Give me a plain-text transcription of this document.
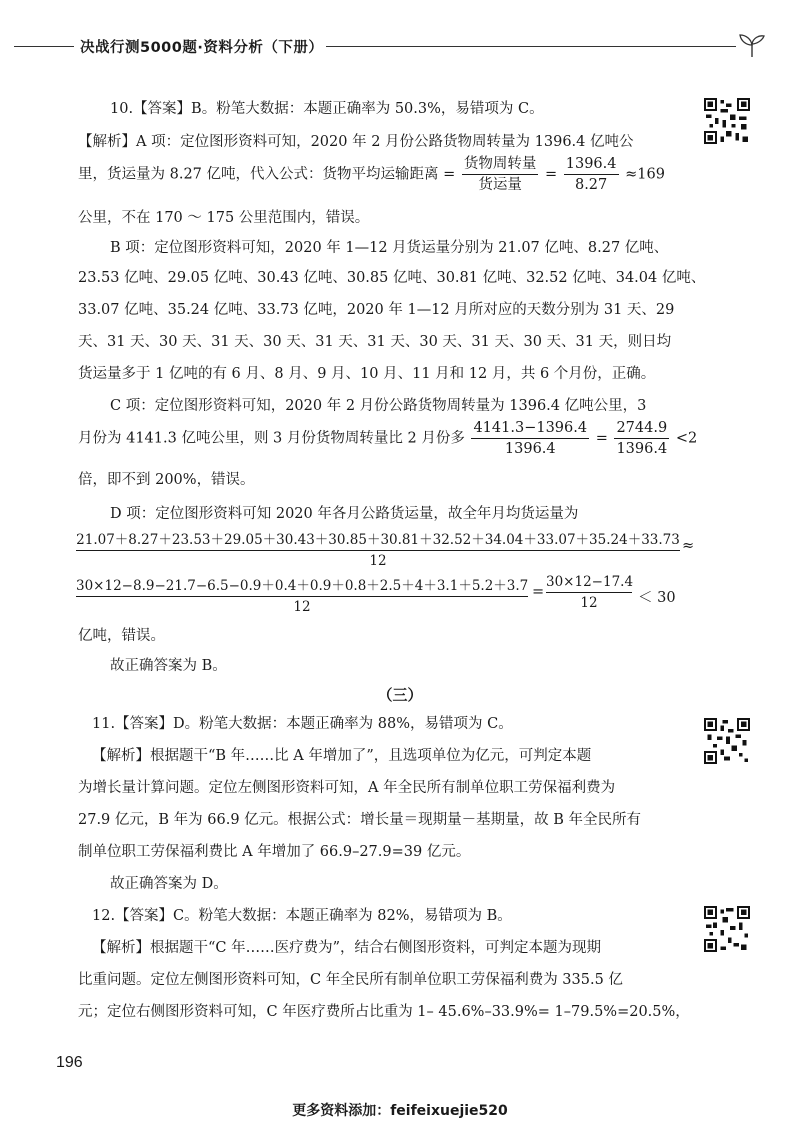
决战行测5000题·资料分析（下册）
10.【答案】B。粉笔大数据：本题正确率为 50.3%，易错项为 C。
【解析】A 项：定位图形资料可知，2020 年 2 月份公路货物周转量为 1396.4 亿吨公
里，货运量为 8.27 亿吨，代入公式：货物平均运输距离 = $\frac{\text{货物周转量}}{\text{货运量}} = \frac{1396.4}{8.27} \approx 169$
公里，不在 170 ～ 175 公里范围内，错误。
B 项：定位图形资料可知，2020 年 1—12 月货运量分别为 21.07 亿吨、8.27 亿吨、
23.53 亿吨、29.05 亿吨、30.43 亿吨、30.85 亿吨、30.81 亿吨、32.52 亿吨、34.04 亿吨、
33.07 亿吨、35.24 亿吨、33.73 亿吨，2020 年 1—12 月所对应的天数分别为 31 天、29
天、31 天、30 天、31 天、30 天、31 天、31 天、30 天、31 天、30 天、31 天，则日均
货运量多于 1 亿吨的有 6 月、8 月、9 月、10 月、11 月和 12 月，共 6 个月份，正确。
C 项：定位图形资料可知，2020 年 2 月份公路货物周转量为 1396.4 亿吨公里，3
月份为 4141.3 亿吨公里，则 3 月份货物周转量比 2 月份多 $\frac{4141.3-1396.4}{1396.4} = \frac{2744.9}{1396.4} <2$
倍，即不到 200%，错误。
D 项：定位图形资料可知 2020 年各月公路货运量，故全年月均货运量为
21.07＋8.27＋23.53＋29.05＋30.43＋30.85＋30.81＋32.52＋34.04＋33.07＋35.24＋33.73
12
≈
$\frac{30\times 12-8.9-21.7-6.5-0.9+0.4+0.9+0.8+2.5+4+3.1+5.2+3.7}{12} = \frac{30\times 12-17.4}{12} < 30$
亿吨，错误。
故正确答案为 B。
（三）
11.【答案】D。粉笔大数据：本题正确率为 88%，易错项为 C。
【解析】根据题干“B 年……比 A 年增加了”，且选项单位为亿元，可判定本题
为增长量计算问题。定位左侧图形资料可知，A 年全民所有制单位职工劳保福利费为
27.9 亿元，B 年为 66.9 亿元。根据公式：增长量＝现期量－基期量，故 B 年全民所有
制单位职工劳保福利费比 A 年增加了 66.9–27.9=39 亿元。
故正确答案为 D。
12.【答案】C。粉笔大数据：本题正确率为 82%，易错项为 B。
【解析】根据题干“C 年……医疗费为”，结合右侧图形资料，可判定本题为现期
比重问题。定位左侧图形资料可知，C 年全民所有制单位职工劳保福利费为 335.5 亿
元；定位右侧图形资料可知，C 年医疗费所占比重为 1– 45.6%–33.9%= 1–79.5%=20.5%，
196
更多资料添加：feifeixuejie520
